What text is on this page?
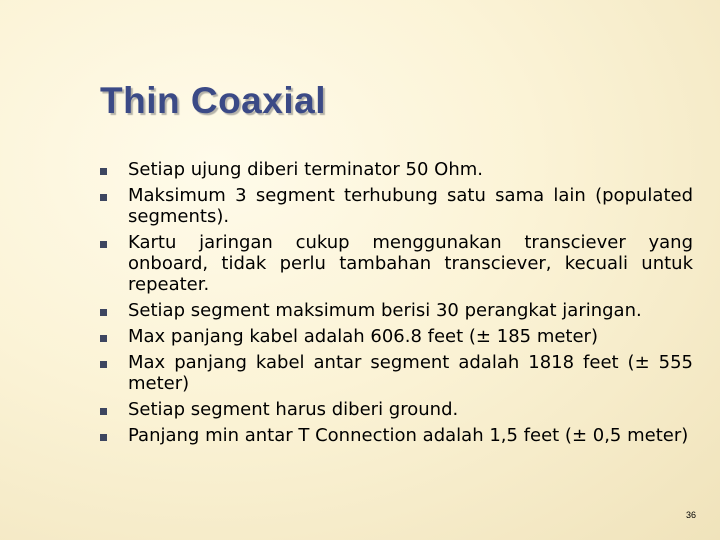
Thin Coaxial
Setiap ujung diberi terminator 50 Ohm.
Maksimum 3 segment terhubung satu sama lain (populated segments).
Kartu jaringan cukup menggunakan transciever yang onboard, tidak perlu tambahan transciever, kecuali untuk repeater.
Setiap segment maksimum berisi 30 perangkat jaringan.
Max panjang kabel adalah 606.8 feet (± 185 meter)
Max panjang kabel antar segment adalah 1818 feet (± 555 meter)
Setiap segment harus diberi ground.
Panjang min antar T Connection adalah 1,5 feet (± 0,5 meter)
36
